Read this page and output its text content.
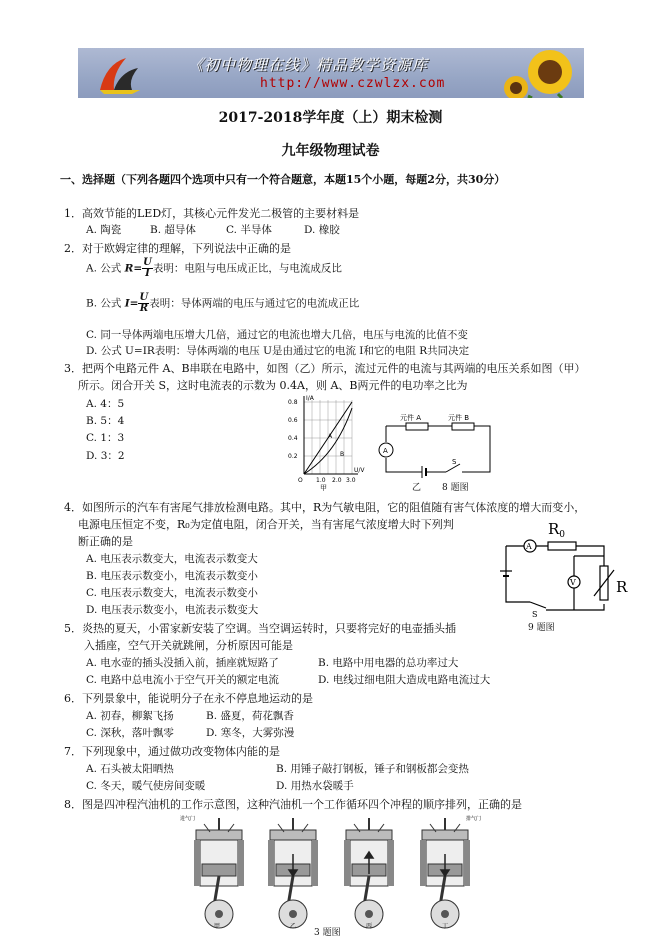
《初中物理在线》精品教学资源库
http://www.czwlzx.com
2017-2018学年度（上）期末检测
九年级物理试卷
一、选择题（下列各题四个选项中只有一个符合题意，本题15个小题，每题2分，共30分）
1．高效节能的LED灯，其核心元件发光二极管的主要材料是
A. 陶瓷	B. 超导体	C. 半导体	D. 橡胶
2．对于欧姆定律的理解，下列说法中正确的是
A. 公式 $R= \frac{U}{I}$ 表明：电阻与电压成正比，与电流成反比
B. 公式 $I= \frac{U}{R}$ 表明：导体两端的电压与通过它的电流成正比
C. 同一导体两端电压增大几倍，通过它的电流也增大几倍，电压与电流的比值不变
D. 公式 U=IR表明：导体两端的电压 U是由通过它的电流 I和它的电阻 R共同决定
3．把两个电路元件 A、B串联在电路中，如图（乙）所示，流过元件的电流与其两端的电压关系如图（甲）
所示。闭合开关 S，这时电流表的示数为 0.4A，则 A、B两元件的电功率之比为
A. 4：5
B. 5：4
C. 1：3
D. 3：2
I/A
U/V
0.8
0.6
0.4
0.2
O 1.0 2.0 3.0
A
B
甲
元件 A	元件 B
A
S
乙 8 题图
4．如图所示的汽车有害尾气排放检测电路。其中，R为气敏电阻，它的阻值随有害气体浓度的增大而变小，
电源电压恒定不变，R₀为定值电阻，闭合开关，当有害尾气浓度增大时下列判
断正确的是
A. 电压表示数变大，电流表示数变大
B. 电压表示数变小，电流表示数变小
C. 电压表示数变大，电流表示数变小
D. 电压表示数变小，电流表示数变大
$R_0$
A
V	R
S
9 题图
5．炎热的夏天，小雷家新安装了空调。当空调运转时，只要将完好的电壶插头插
入插座，空气开关就跳闸，分析原因可能是
A. 电水壶的插头没插入前，插座就短路了	B. 电路中用电器的总功率过大
C. 电路中总电流小于空气开关的额定电流	D. 电线过细电阻大造成电路电流过大
6．下列景象中，能说明分子在永不停息地运动的是
A. 初春，柳絮飞扬	B. 盛夏，荷花飘香
C. 深秋，落叶飘零	D. 寒冬，大雾弥漫
7．下列现象中，通过做功改变物体内能的是
A. 石头被太阳晒热	B. 用锤子敲打钢板，锤子和钢板都会变热
C. 冬天，暖气使房间变暖	D. 用热水袋暖手
8．图是四冲程汽油机的工作示意图，这种汽油机一个工作循环四个冲程的顺序排列，正确的是
进气门	排气门
甲	乙	丙	丁
3 题图
